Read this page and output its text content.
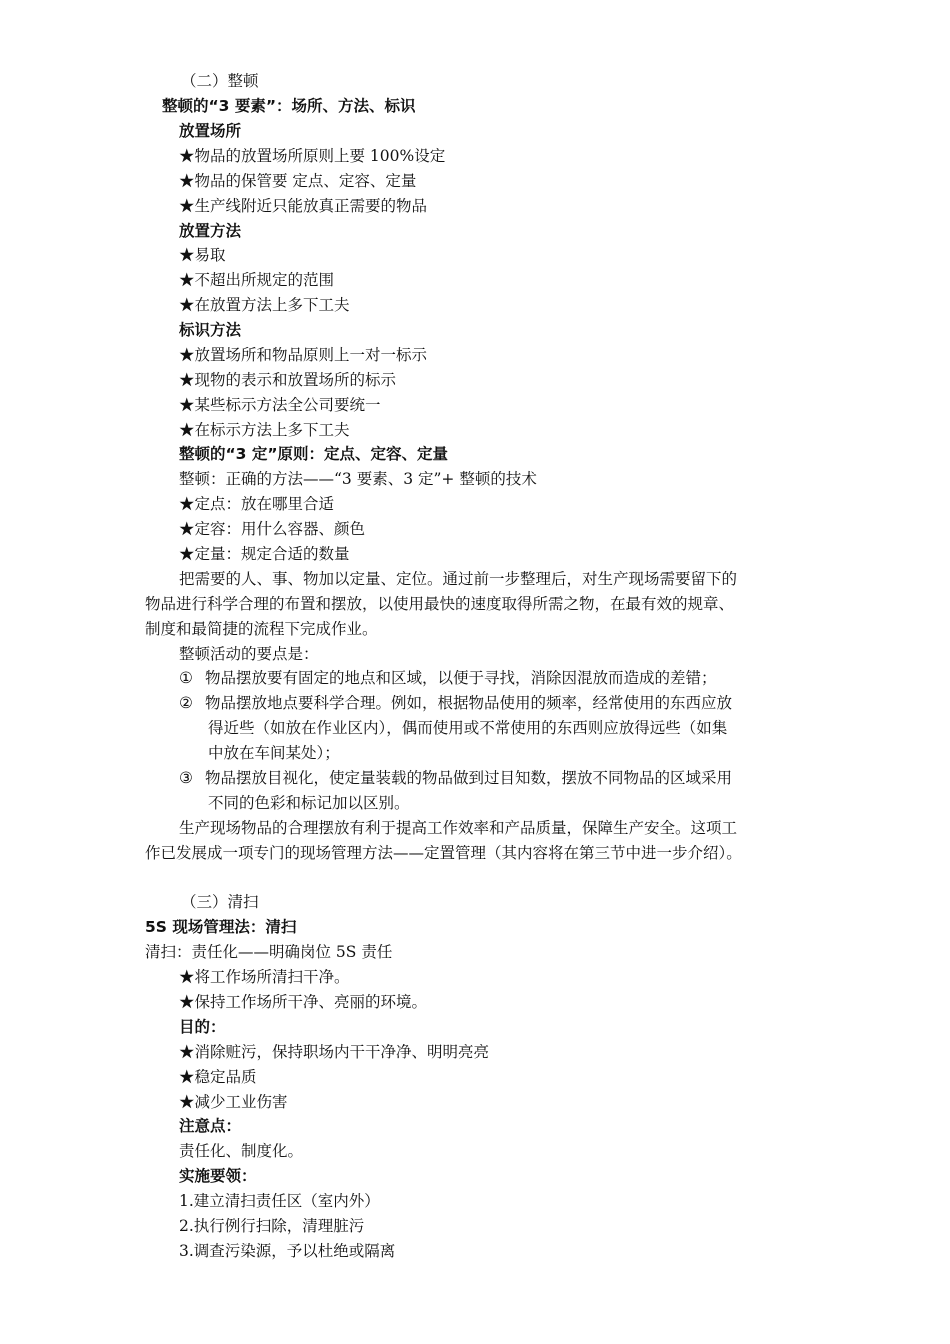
（二）整顿
整顿的“3 要素”：场所、方法、标识
放置场所
★物品的放置场所原则上要 100%设定
★物品的保管要 定点、定容、定量
★生产线附近只能放真正需要的物品
放置方法
★易取
★不超出所规定的范围
★在放置方法上多下工夫
标识方法
★放置场所和物品原则上一对一标示
★现物的表示和放置场所的标示
★某些标示方法全公司要统一
★在标示方法上多下工夫
整顿的“3 定”原则：定点、定容、定量
整顿：正确的方法——“3 要素、3 定”+ 整顿的技术
★定点：放在哪里合适
★定容：用什么容器、颜色
★定量：规定合适的数量
把需要的人、事、物加以定量、定位。通过前一步整理后，对生产现场需要留下的
物品进行科学合理的布置和摆放，以使用最快的速度取得所需之物，在最有效的规章、
制度和最简捷的流程下完成作业。
整顿活动的要点是：
① 物品摆放要有固定的地点和区域，以便于寻找，消除因混放而造成的差错；
② 物品摆放地点要科学合理。例如，根据物品使用的频率，经常使用的东西应放
得近些（如放在作业区内），偶而使用或不常使用的东西则应放得远些（如集
中放在车间某处）；
③ 物品摆放目视化，使定量装载的物品做到过目知数，摆放不同物品的区域采用
不同的色彩和标记加以区别。
生产现场物品的合理摆放有利于提高工作效率和产品质量，保障生产安全。这项工
作已发展成一项专门的现场管理方法——定置管理（其内容将在第三节中进一步介绍）。
（三）清扫
5S 现场管理法：清扫
清扫：责任化——明确岗位 5S 责任
★将工作场所清扫干净。
★保持工作场所干净、亮丽的环境。
目的：
★消除赃污，保持职场内干干净净、明明亮亮
★稳定品质
★减少工业伤害
注意点：
责任化、制度化。
实施要领：
1.建立清扫责任区（室内外）
2.执行例行扫除，清理脏污
3.调查污染源，予以杜绝或隔离
